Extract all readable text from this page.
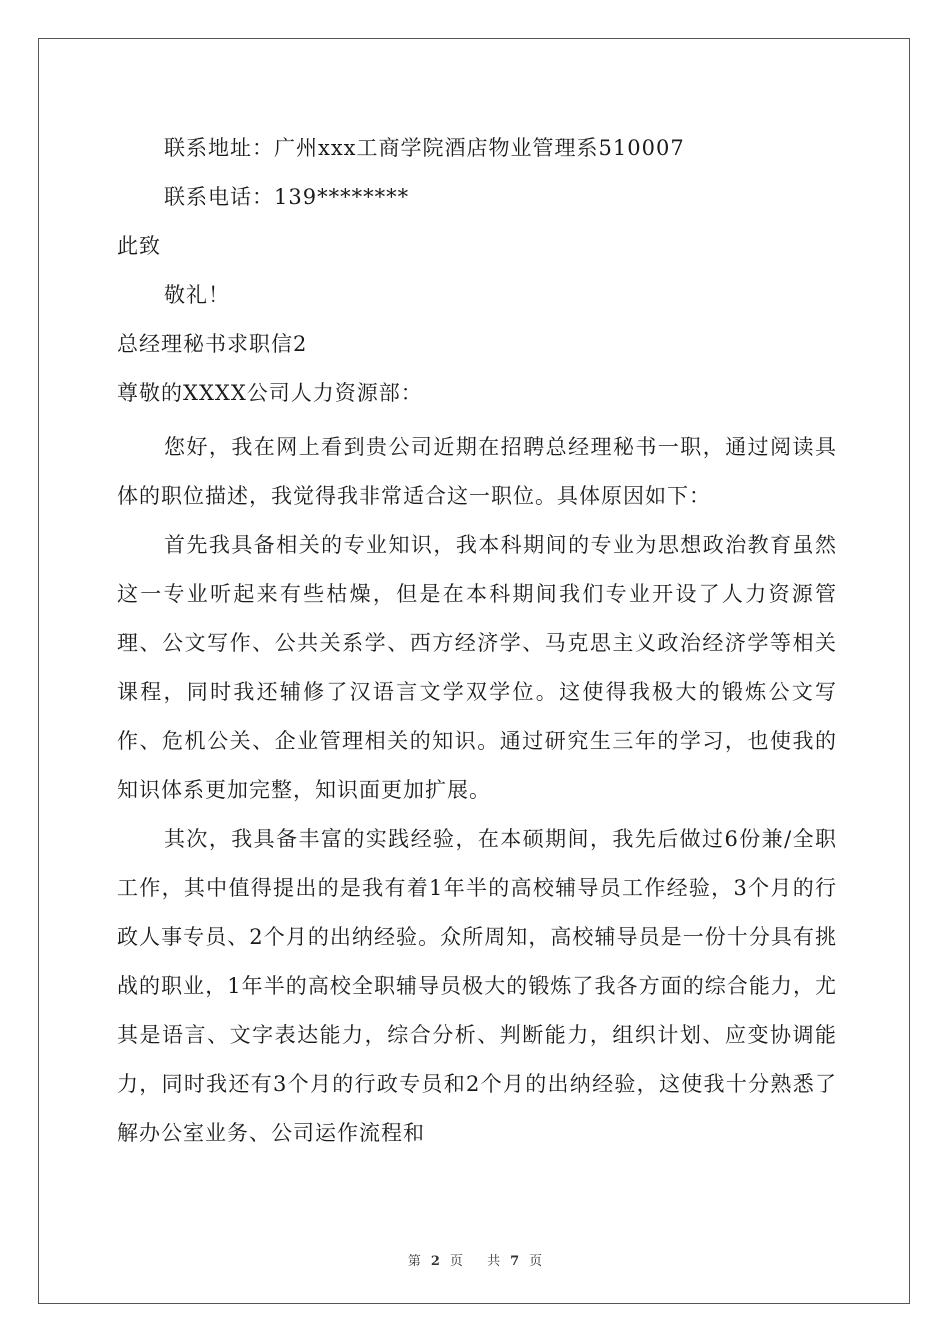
联系地址：广州xxx工商学院酒店物业管理系510007
联系电话：139********
此致
敬礼！
总经理秘书求职信2
尊敬的XXXX公司人力资源部：
您好，我在网上看到贵公司近期在招聘总经理秘书一职，通过阅读具体的职位描述，我觉得我非常适合这一职位。具体原因如下：
首先我具备相关的专业知识，我本科期间的专业为思想政治教育虽然这一专业听起来有些枯燥，但是在本科期间我们专业开设了人力资源管理、公文写作、公共关系学、西方经济学、马克思主义政治经济学等相关课程，同时我还辅修了汉语言文学双学位。这使得我极大的锻炼公文写作、危机公关、企业管理相关的知识。通过研究生三年的学习，也使我的知识体系更加完整，知识面更加扩展。
其次，我具备丰富的实践经验，在本硕期间，我先后做过6份兼/全职工作，其中值得提出的是我有着1年半的高校辅导员工作经验，3个月的行政人事专员、2个月的出纳经验。众所周知，高校辅导员是一份十分具有挑战的职业，1年半的高校全职辅导员极大的锻炼了我各方面的综合能力，尤其是语言、文字表达能力，综合分析、判断能力，组织计划、应变协调能力，同时我还有3个月的行政专员和2个月的出纳经验，这使我十分熟悉了解办公室业务、公司运作流程和
第 2 页 共 7 页
